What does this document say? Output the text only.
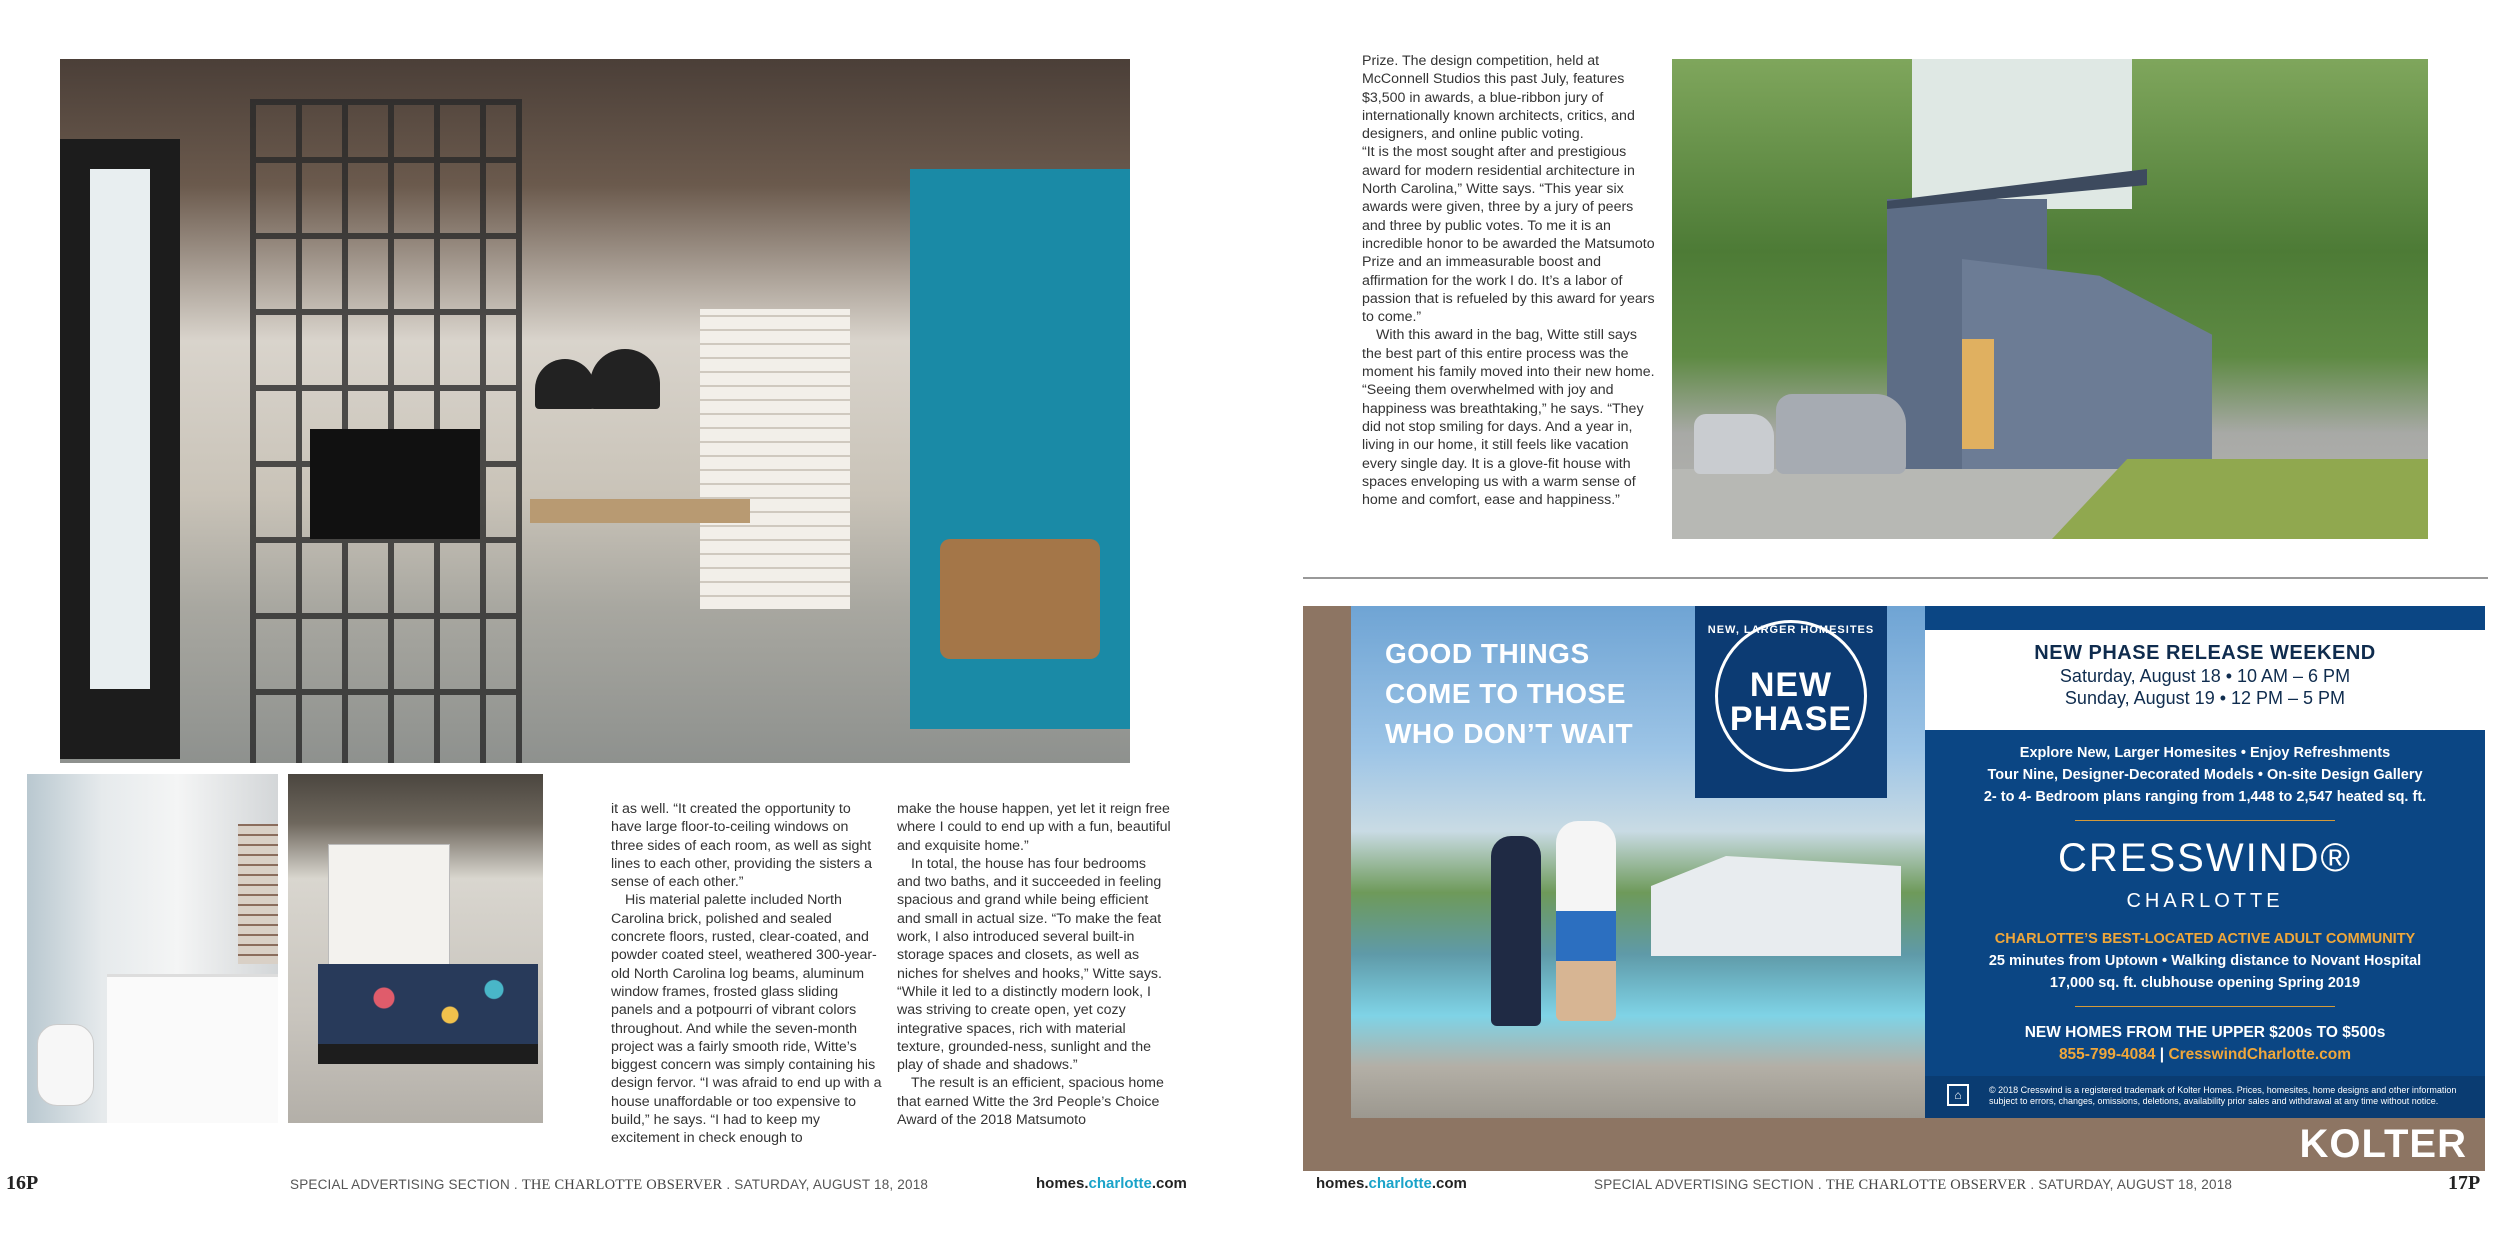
it as well. “It created the opportunity to have large floor-to-ceiling windows on three sides of each room, as well as sight lines to each other, providing the sisters a sense of each other.”

His material palette included North Carolina brick, polished and sealed concrete floors, rusted, clear-coated, and powder coated steel, weathered 300-year-old North Carolina log beams, aluminum window frames, frosted glass sliding panels and a potpourri of vibrant colors throughout. And while the seven-month project was a fairly smooth ride, Witte’s biggest concern was simply containing his design fervor. “I was afraid to end up with a house unaffordable or too expensive to build,” he says. “I had to keep my excitement in check enough to

make the house happen, yet let it reign free where I could to end up with a fun, beautiful and exquisite home.”

In total, the house has four bedrooms and two baths, and it succeeded in feeling spacious and grand while being efficient and small in actual size. “To make the feat work, I also introduced several built-in storage spaces and closets, as well as niches for shelves and hooks,” Witte says. “While it led to a distinctly modern look, I was striving to create open, yet cozy integrative spaces, rich with material texture, grounded-ness, sunlight and the play of shade and shadows.”

The result is an efficient, spacious home that earned Witte the 3rd People’s Choice Award of the 2018 Matsumoto

16P	SPECIAL ADVERTISING SECTION . THE CHARLOTTE OBSERVER . SATURDAY, AUGUST 18, 2018	homes.charlotte.com

Prize. The design competition, held at McConnell Studios this past July, features $3,500 in awards, a blue-ribbon jury of internationally known architects, critics, and designers, and online public voting.

“It is the most sought after and prestigious award for modern residential architecture in North Carolina,” Witte says. “This year six awards were given, three by a jury of peers and three by public votes. To me it is an incredible honor to be awarded the Matsumoto Prize and an immeasurable boost and affirmation for the work I do. It’s a labor of passion that is refueled by this award for years to come.”

With this award in the bag, Witte still says the best part of this entire process was the moment his family moved into their new home. “Seeing them overwhelmed with joy and happiness was breathtaking,” he says. “They did not stop smiling for days. And a year in, living in our home, it still feels like vacation every single day. It is a glove-fit house with spaces enveloping us with a warm sense of home and comfort, ease and happiness.”

GOOD THINGS
COME TO THOSE
WHO DON’T WAIT
NEW, LARGER HOMESITES
NEW
PHASE
NEW PHASE RELEASE WEEKEND
Saturday, August 18 • 10 AM – 6 PM
Sunday, August 19 • 12 PM – 5 PM
Explore New, Larger Homesites • Enjoy Refreshments
Tour Nine, Designer-Decorated Models • On-site Design Gallery
2- to 4- Bedroom plans ranging from 1,448 to 2,547 heated sq. ft.
CRESSWIND®
CHARLOTTE
CHARLOTTE’S BEST-LOCATED ACTIVE ADULT COMMUNITY
25 minutes from Uptown • Walking distance to Novant Hospital
17,000 sq. ft. clubhouse opening Spring 2019
NEW HOMES FROM THE UPPER $200s TO $500s
855-799-4084 | CresswindCharlotte.com
⌂	© 2018 Cresswind is a registered trademark of Kolter Homes. Prices, homesites, home designs and other information subject to errors, changes, omissions, deletions, availability prior sales and withdrawal at any time without notice.
KOLTER
homes.charlotte.com	SPECIAL ADVERTISING SECTION . THE CHARLOTTE OBSERVER . SATURDAY, AUGUST 18, 2018	17P
